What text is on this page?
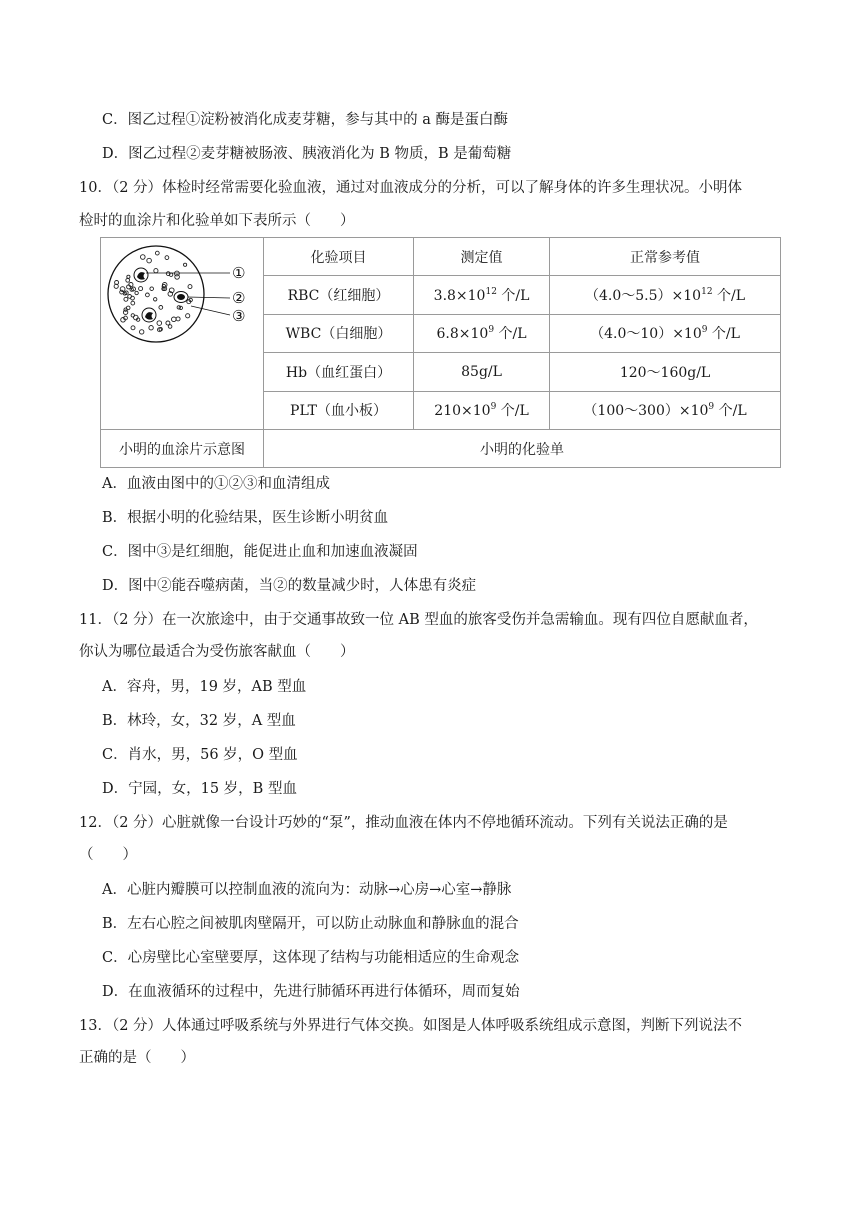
C．图乙过程①淀粉被消化成麦芽糖，参与其中的 a 酶是蛋白酶
D．图乙过程②麦芽糖被肠液、胰液消化为 B 物质，B 是葡萄糖
10．（2 分）体检时经常需要化验血液，通过对血液成分的分析，可以了解身体的许多生理状况。小明体
检时的血涂片和化验单如下表所示（　　）
①
②
③	化验项目	测定值	正常参考值
	RBC（红细胞）	$3.8\times 10^{12}$ 个/L	$(4.0\sim 5.5)\times 10^{12}$ 个/L
	WBC（白细胞）	$6.8\times 10^9$ 个/L	$(4.0\sim 10)\times 10^9$ 个/L
	Hb（血红蛋白）	85g/L	120～160g/L
	PLT（血小板）	$210\times 10^9$ 个/L	$(100\sim 300)\times 10^9$ 个/L
小明的血涂片示意图	小明的化验单		
A．血液由图中的①②③和血清组成
B．根据小明的化验结果，医生诊断小明贫血
C．图中③是红细胞，能促进止血和加速血液凝固
D．图中②能吞噬病菌，当②的数量减少时，人体患有炎症
11．（2 分）在一次旅途中，由于交通事故致一位 AB 型血的旅客受伤并急需输血。现有四位自愿献血者，
你认为哪位最适合为受伤旅客献血（　　）
A．容舟，男，19 岁，AB 型血
B．林玲，女，32 岁，A 型血
C．肖水，男，56 岁，O 型血
D．宁园，女，15 岁，B 型血
12．（2 分）心脏就像一台设计巧妙的“泵”，推动血液在体内不停地循环流动。下列有关说法正确的是
（　　）
A．心脏内瓣膜可以控制血液的流向为：动脉→心房→心室→静脉
B．左右心腔之间被肌肉壁隔开，可以防止动脉血和静脉血的混合
C．心房壁比心室壁要厚，这体现了结构与功能相适应的生命观念
D．在血液循环的过程中，先进行肺循环再进行体循环，周而复始
13．（2 分）人体通过呼吸系统与外界进行气体交换。如图是人体呼吸系统组成示意图，判断下列说法不
正确的是（　　）
